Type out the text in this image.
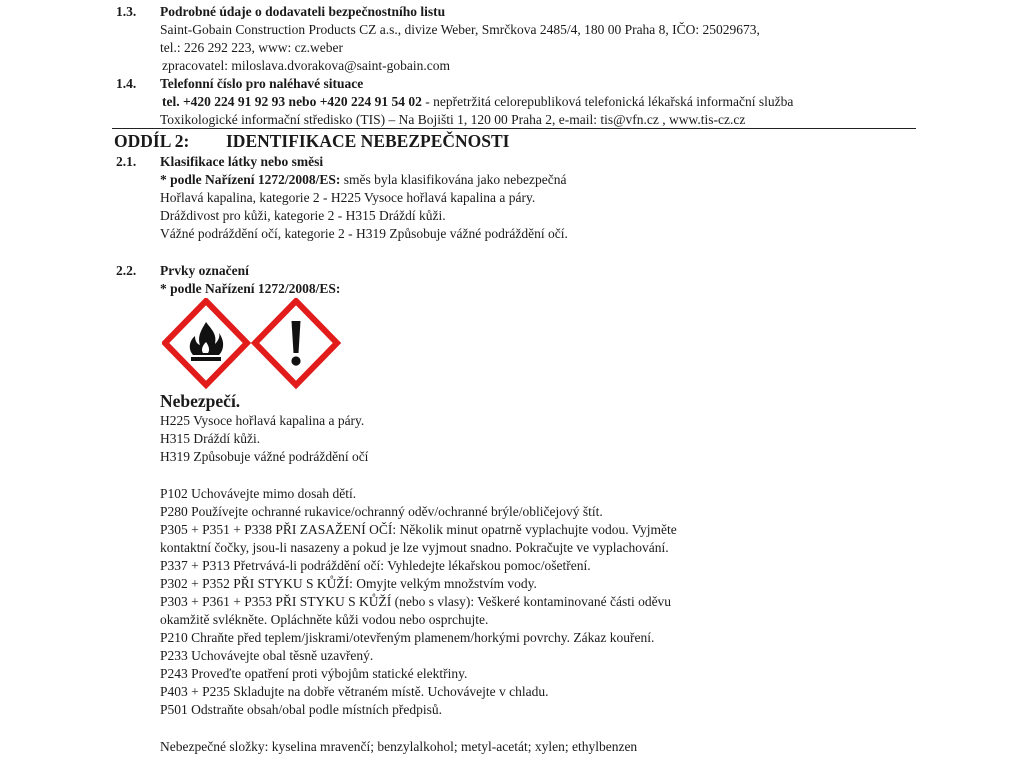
1.3. Podrobné údaje o dodavateli bezpečnostního listu
Saint-Gobain Construction Products CZ a.s., divize Weber, Smrčkova 2485/4, 180 00 Praha 8, IČO: 25029673,
tel.: 226 292 223, www: cz.weber
zpracovatel: miloslava.dvorakova@saint-gobain.com
1.4. Telefonní číslo pro naléhavé situace
tel. +420 224 91 92 93 nebo +420 224 91 54 02 - nepřetržitá celorepubliková telefonická lékařská informační služba
Toxikologické informační středisko (TIS) – Na Bojišti 1, 120 00 Praha 2, e-mail: tis@vfn.cz , www.tis-cz.cz
ODDÍL 2: IDENTIFIKACE NEBEZPEČNOSTI
2.1. Klasifikace látky nebo směsi
* podle Nařízení 1272/2008/ES: směs byla klasifikována jako nebezpečná
Hořlavá kapalina, kategorie 2 - H225 Vysoce hořlavá kapalina a páry.
Dráždivost pro kůži, kategorie 2 - H315 Dráždí kůži.
Vážné podráždění očí, kategorie 2 - H319 Způsobuje vážné podráždění očí.
2.2. Prvky označení
* podle Nařízení 1272/2008/ES:
Nebezpečí.
H225 Vysoce hořlavá kapalina a páry.
H315 Dráždí kůži.
H319 Způsobuje vážné podráždění očí
P102 Uchovávejte mimo dosah dětí.
P280 Používejte ochranné rukavice/ochranný oděv/ochranné brýle/obličejový štít.
P305 + P351 + P338 PŘI ZASAŽENÍ OČÍ: Několik minut opatrně vyplachujte vodou. Vyjměte
kontaktní čočky, jsou-li nasazeny a pokud je lze vyjmout snadno. Pokračujte ve vyplachování.
P337 + P313 Přetrvává-li podráždění očí: Vyhledejte lékařskou pomoc/ošetření.
P302 + P352 PŘI STYKU S KŮŽÍ: Omyjte velkým množstvím vody.
P303 + P361 + P353 PŘI STYKU S KŮŽÍ (nebo s vlasy): Veškeré kontaminované části oděvu
okamžitě svlékněte. Opláchněte kůži vodou nebo osprchujte.
P210 Chraňte před teplem/jiskrami/otevřeným plamenem/horkými povrchy. Zákaz kouření.
P233 Uchovávejte obal těsně uzavřený.
P243 Proveďte opatření proti výbojům statické elektřiny.
P403 + P235 Skladujte na dobře větraném místě. Uchovávejte v chladu.
P501 Odstraňte obsah/obal podle místních předpisů.
Nebezpečné složky: kyselina mravenčí; benzylalkohol; metyl-acetát; xylen; ethylbenzen
